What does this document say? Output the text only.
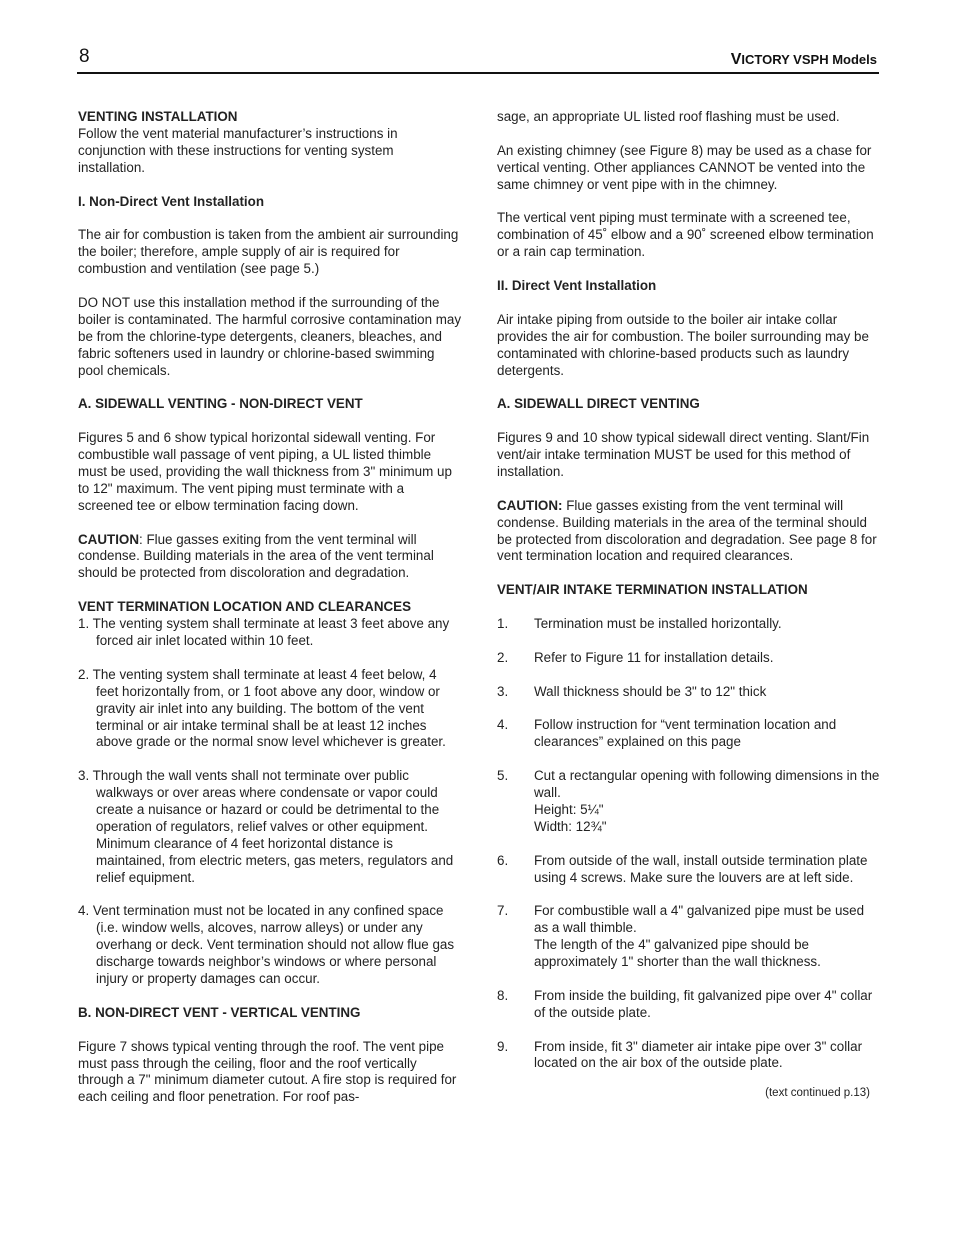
8	VICTORY VSPH Models
VENTING INSTALLATION

Follow the vent material manufacturer’s instructions in conjunction with these instructions for venting system installation.

I. Non-Direct Vent Installation

The air for combustion is taken from the ambient air surrounding the boiler; therefore, ample supply of air is required for combustion and ventilation (see page 5.)

DO NOT use this installation method if the surrounding of the boiler is contaminated. The harmful corrosive contamination may be from the chlorine-type detergents, cleaners, bleaches, and fabric softeners used in laundry or chlorine-based swimming pool chemicals.

A. SIDEWALL VENTING - NON-DIRECT VENT

Figures 5 and 6 show typical horizontal sidewall venting. For combustible wall passage of vent piping, a UL listed thimble must be used, providing the wall thickness from 3" minimum up to 12" maximum. The vent piping must terminate with a screened tee or elbow termination facing down.

CAUTION: Flue gasses exiting from the vent terminal will condense. Building materials in the area of the vent terminal should be protected from discoloration and degradation.

VENT TERMINATION LOCATION AND CLEARANCES
1. The venting system shall terminate at least 3 feet above any forced air inlet located within 10 feet.
2. The venting system shall terminate at least 4 feet below, 4 feet horizontally from, or 1 foot above any door, window or gravity air inlet into any building. The bottom of the vent terminal or air intake terminal shall be at least 12 inches above grade or the normal snow level whichever is greater.
3. Through the wall vents shall not terminate over public walkways or over areas where condensate or vapor could create a nuisance or hazard or could be detrimental to the operation of regulators, relief valves or other equipment. Minimum clearance of 4 feet horizontal distance is maintained, from electric meters, gas meters, regulators and relief equipment.
4. Vent termination must not be located in any confined space (i.e. window wells, alcoves, narrow alleys) or under any overhang or deck. Vent termination should not allow flue gas discharge towards neighbor’s windows or where personal injury or property damages can occur.
B. NON-DIRECT VENT - VERTICAL VENTING

Figure 7 shows typical venting through the roof. The vent pipe must pass through the ceiling, floor and the roof vertically through a 7" minimum diameter cutout. A fire stop is required for each ceiling and floor penetration. For roof pas-

sage, an appropriate UL listed roof flashing must be used.

An existing chimney (see Figure 8) may be used as a chase for vertical venting. Other appliances CANNOT be vented into the same chimney or vent pipe with in the chimney.

The vertical vent piping must terminate with a screened tee, combination of 45˚ elbow and a 90˚ screened elbow termination or a rain cap termination.

II. Direct Vent Installation

Air intake piping from outside to the boiler air intake collar provides the air for combustion. The boiler surrounding may be contaminated with chlorine-based products such as laundry detergents.

A. SIDEWALL DIRECT VENTING

Figures 9 and 10 show typical sidewall direct venting. Slant/Fin vent/air intake termination MUST be used for this method of installation.

CAUTION: Flue gasses existing from the vent terminal will condense. Building materials in the area of the terminal should be protected from discoloration and degradation. See page 8 for vent termination location and required clearances.

VENT/AIR INTAKE TERMINATION INSTALLATION
1.	Termination must be installed horizontally.
2.	Refer to Figure 11 for installation details.
3.	Wall thickness should be 3" to 12" thick
4.	Follow instruction for “vent termination location and clearances” explained on this page
5.	Cut a rectangular opening with following dimensions in the wall.
Height: 5¼"
Width: 12¾"
6.	From outside of the wall, install outside termination plate using 4 screws. Make sure the louvers are at left side.
7.	For combustible wall a 4" galvanized pipe must be used as a wall thimble.
The length of the 4" galvanized pipe should be approximately 1" shorter than the wall thickness.
8.	From inside the building, fit galvanized pipe over 4" collar of the outside plate.
9.	From inside, fit 3" diameter air intake pipe over 3" collar located on the air box of the outside plate.
(text continued p.13)
